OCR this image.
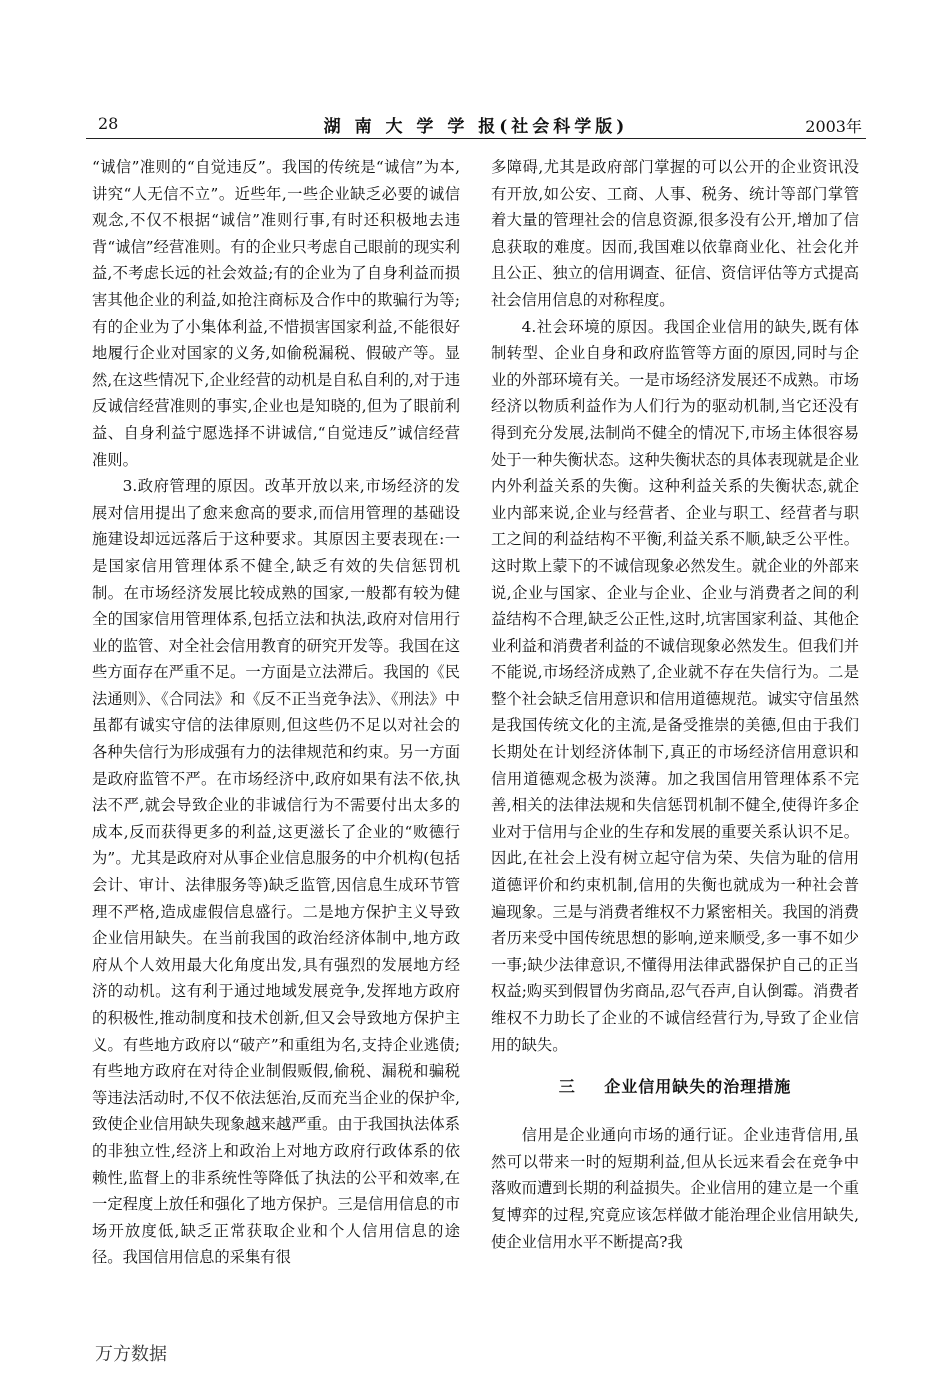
28	湖 南 大 学 学 报(社会科学版)	2003年

“诚信”准则的“自觉违反”。我国的传统是“诚信”为本,讲究“人无信不立”。近些年,一些企业缺乏必要的诚信观念,不仅不根据“诚信”准则行事,有时还积极地去违背“诚信”经营准则。有的企业只考虑自己眼前的现实利益,不考虑长远的社会效益;有的企业为了自身利益而损害其他企业的利益,如抢注商标及合作中的欺骗行为等;有的企业为了小集体利益,不惜损害国家利益,不能很好地履行企业对国家的义务,如偷税漏税、假破产等。显然,在这些情况下,企业经营的动机是自私自利的,对于违反诚信经营准则的事实,企业也是知晓的,但为了眼前利益、自身利益宁愿选择不讲诚信,“自觉违反”诚信经营准则。

3.政府管理的原因。改革开放以来,市场经济的发展对信用提出了愈来愈高的要求,而信用管理的基础设施建设却远远落后于这种要求。其原因主要表现在:一是国家信用管理体系不健全,缺乏有效的失信惩罚机制。在市场经济发展比较成熟的国家,一般都有较为健全的国家信用管理体系,包括立法和执法,政府对信用行业的监管、对全社会信用教育的研究开发等。我国在这些方面存在严重不足。一方面是立法滞后。我国的《民法通则》、《合同法》和《反不正当竞争法》、《刑法》中虽都有诚实守信的法律原则,但这些仍不足以对社会的各种失信行为形成强有力的法律规范和约束。另一方面是政府监管不严。在市场经济中,政府如果有法不依,执法不严,就会导致企业的非诚信行为不需要付出太多的成本,反而获得更多的利益,这更滋长了企业的“败德行为”。尤其是政府对从事企业信息服务的中介机构(包括会计、审计、法律服务等)缺乏监管,因信息生成环节管理不严格,造成虚假信息盛行。二是地方保护主义导致企业信用缺失。在当前我国的政治经济体制中,地方政府从个人效用最大化角度出发,具有强烈的发展地方经济的动机。这有利于通过地域发展竞争,发挥地方政府的积极性,推动制度和技术创新,但又会导致地方保护主义。有些地方政府以“破产”和重组为名,支持企业逃债;有些地方政府在对待企业制假贩假,偷税、漏税和骗税等违法活动时,不仅不依法惩治,反而充当企业的保护伞,致使企业信用缺失现象越来越严重。由于我国执法体系的非独立性,经济上和政治上对地方政府行政体系的依赖性,监督上的非系统性等降低了执法的公平和效率,在一定程度上放任和强化了地方保护。三是信用信息的市场开放度低,缺乏正常获取企业和个人信用信息的途径。我国信用信息的采集有很

多障碍,尤其是政府部门掌握的可以公开的企业资讯没有开放,如公安、工商、人事、税务、统计等部门掌管着大量的管理社会的信息资源,很多没有公开,增加了信息获取的难度。因而,我国难以依靠商业化、社会化并且公正、独立的信用调查、征信、资信评估等方式提高社会信用信息的对称程度。

4.社会环境的原因。我国企业信用的缺失,既有体制转型、企业自身和政府监管等方面的原因,同时与企业的外部环境有关。一是市场经济发展还不成熟。市场经济以物质利益作为人们行为的驱动机制,当它还没有得到充分发展,法制尚不健全的情况下,市场主体很容易处于一种失衡状态。这种失衡状态的具体表现就是企业内外利益关系的失衡。这种利益关系的失衡状态,就企业内部来说,企业与经营者、企业与职工、经营者与职工之间的利益结构不平衡,利益关系不顺,缺乏公平性。这时欺上蒙下的不诚信现象必然发生。就企业的外部来说,企业与国家、企业与企业、企业与消费者之间的利益结构不合理,缺乏公正性,这时,坑害国家利益、其他企业利益和消费者利益的不诚信现象必然发生。但我们并不能说,市场经济成熟了,企业就不存在失信行为。二是整个社会缺乏信用意识和信用道德规范。诚实守信虽然是我国传统文化的主流,是备受推崇的美德,但由于我们长期处在计划经济体制下,真正的市场经济信用意识和信用道德观念极为淡薄。加之我国信用管理体系不完善,相关的法律法规和失信惩罚机制不健全,使得许多企业对于信用与企业的生存和发展的重要关系认识不足。因此,在社会上没有树立起守信为荣、失信为耻的信用道德评价和约束机制,信用的失衡也就成为一种社会普遍现象。三是与消费者维权不力紧密相关。我国的消费者历来受中国传统思想的影响,逆来顺受,多一事不如少一事;缺少法律意识,不懂得用法律武器保护自己的正当权益;购买到假冒伪劣商品,忍气吞声,自认倒霉。消费者维权不力助长了企业的不诚信经营行为,导致了企业信用的缺失。

三 企业信用缺失的治理措施

信用是企业通向市场的通行证。企业违背信用,虽然可以带来一时的短期利益,但从长远来看会在竞争中落败而遭到长期的利益损失。企业信用的建立是一个重复博弈的过程,究竟应该怎样做才能治理企业信用缺失,使企业信用水平不断提高?我

万方数据
